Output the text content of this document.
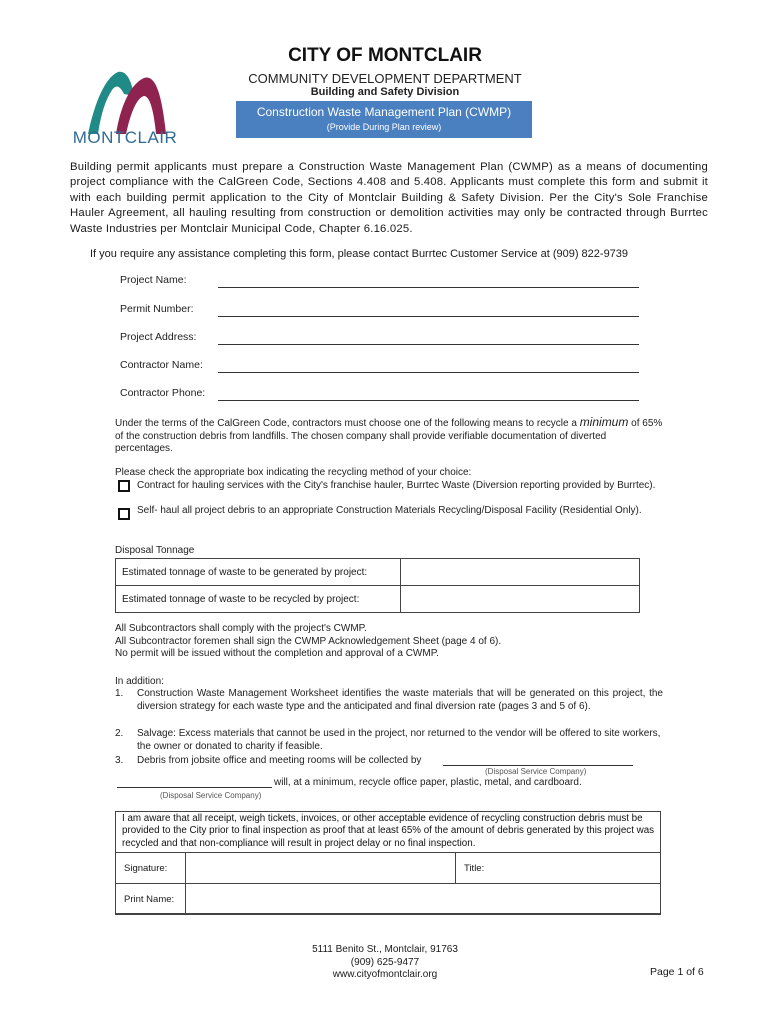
MONTCLAIR
CITY OF MONTCLAIR
COMMUNITY DEVELOPMENT DEPARTMENT
Building and Safety Division
Construction Waste Management Plan (CWMP)
(Provide During Plan review)
Building permit applicants must prepare a Construction Waste Management Plan (CWMP) as a means of documenting project compliance with the CalGreen Code, Sections 4.408 and 5.408. Applicants must complete this form and submit it with each building permit application to the City of Montclair Building & Safety Division. Per the City's Sole Franchise Hauler Agreement, all hauling resulting from construction or demolition activities may only be contracted through Burrtec Waste Industries per Montclair Municipal Code, Chapter 6.16.025.
If you require any assistance completing this form, please contact Burrtec Customer Service at (909) 822-9739
Project Name:
Permit Number:
Project Address:
Contractor Name:
Contractor Phone:
Under the terms of the CalGreen Code, contractors must choose one of the following means to recycle a minimum of 65% of the construction debris from landfills. The chosen company shall provide verifiable documentation of diverted percentages.
Please check the appropriate box indicating the recycling method of your choice:
Contract for hauling services with the City's franchise hauler, Burrtec Waste (Diversion reporting provided by Burrtec).
Self- haul all project debris to an appropriate Construction Materials Recycling/Disposal Facility (Residential Only).
Disposal Tonnage
Estimated tonnage of waste to be generated by project:	
Estimated tonnage of waste to be recycled by project:	
All Subcontractors shall comply with the project's CWMP.
All Subcontractor foremen shall sign the CWMP Acknowledgement Sheet (page 4 of 6).
No permit will be issued without the completion and approval of a CWMP.
In addition:
1. Construction Waste Management Worksheet identifies the waste materials that will be generated on this project, the diversion strategy for each waste type and the anticipated and final diversion rate (pages 3 and 5 of 6).
2. Salvage: Excess materials that cannot be used in the project, nor returned to the vendor will be offered to site workers, the owner or donated to charity if feasible.
3. Debris from jobsite office and meeting rooms will be collected by
(Disposal Service Company)
will, at a minimum, recycle office paper, plastic, metal, and cardboard.
(Disposal Service Company)
I am aware that all receipt, weigh tickets, invoices, or other acceptable evidence of recycling construction debris must be provided to the City prior to final inspection as proof that at least 65% of the amount of debris generated by this project was recycled and that non-compliance will result in project delay or no final inspection.
Signature:		Title:
Print Name:		
5111 Benito St., Montclair, 91763
(909) 625-9477
www.cityofmontclair.org	Page 1 of 6
